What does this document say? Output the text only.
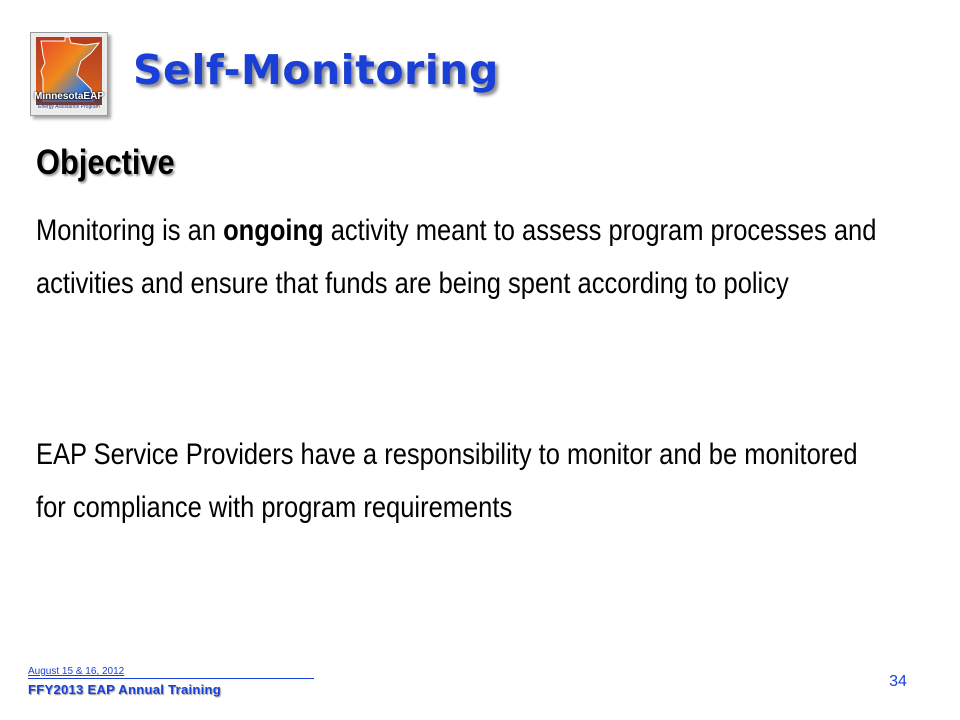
MinnesotaEAP
Energy Assistance Program
Self-Monitoring
Objective

Monitoring is an ongoing activity meant to assess program processes and activities and ensure that funds are being spent according to policy

EAP Service Providers have a responsibility to monitor and be monitored for compliance with program requirements

August 15 & 16, 2012
FFY2013 EAP Annual Training	34
